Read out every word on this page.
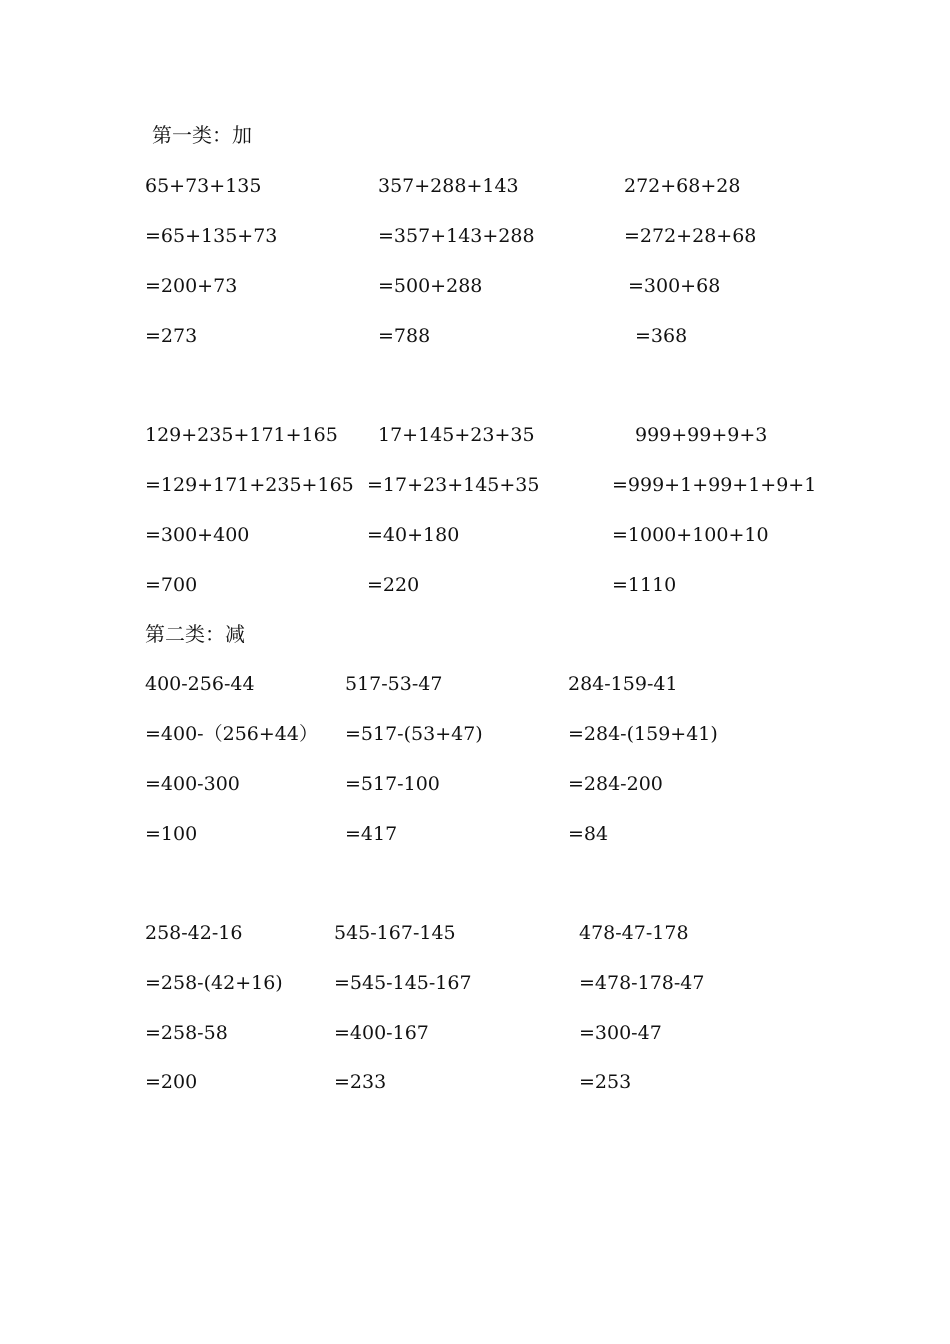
第一类：加
65+73+135
=65+135+73
=200+73
=273
357+288+143
=357+143+288
=500+288
=788
272+68+28
=272+28+68
=300+68
=368
129+235+171+165
=129+171+235+165
=300+400
=700
17+145+23+35
=17+23+145+35
=40+180
=220
999+99+9+3
=999+1+99+1+9+1
=1000+100+10
=1110
第二类：减
400-256-44
=400-（256+44）
=400-300
=100
517-53-47
=517-(53+47)
=517-100
=417
284-159-41
=284-(159+41)
=284-200
=84
258-42-16
=258-(42+16)
=258-58
=200
545-167-145
=545-145-167
=400-167
=233
478-47-178
=478-178-47
=300-47
=253
